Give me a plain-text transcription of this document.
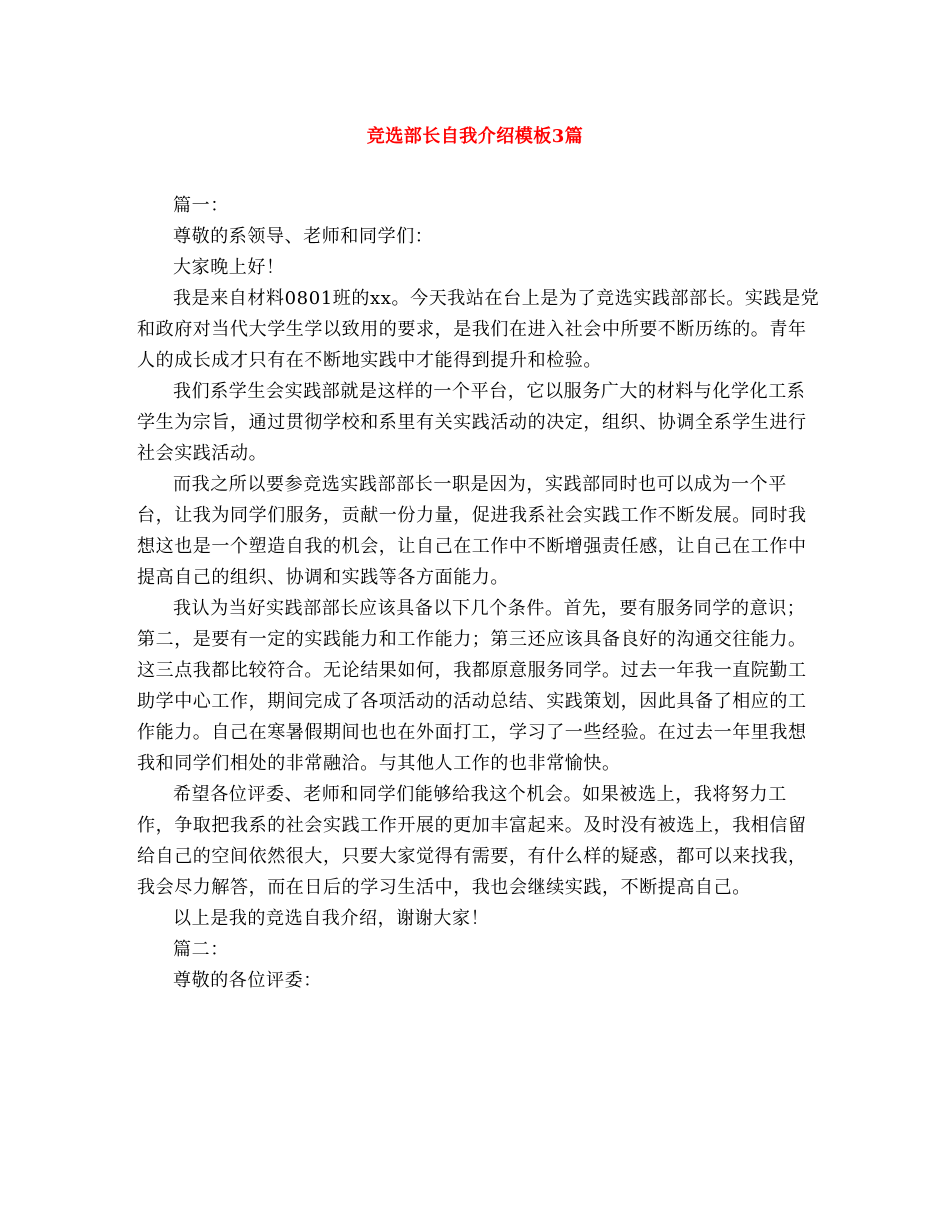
竞选部长自我介绍模板3篇

篇一：

尊敬的系领导、老师和同学们：

大家晚上好！

我是来自材料0801班的xx。今天我站在台上是为了竞选实践部部长。实践是党和政府对当代大学生学以致用的要求，是我们在进入社会中所要不断历练的。青年人的成长成才只有在不断地实践中才能得到提升和检验。

我们系学生会实践部就是这样的一个平台，它以服务广大的材料与化学化工系学生为宗旨，通过贯彻学校和系里有关实践活动的决定，组织、协调全系学生进行社会实践活动。

而我之所以要参竞选实践部部长一职是因为，实践部同时也可以成为一个平台，让我为同学们服务，贡献一份力量，促进我系社会实践工作不断发展。同时我想这也是一个塑造自我的机会，让自己在工作中不断增强责任感，让自己在工作中提高自己的组织、协调和实践等各方面能力。

我认为当好实践部部长应该具备以下几个条件。首先，要有服务同学的意识；第二，是要有一定的实践能力和工作能力；第三还应该具备良好的沟通交往能力。这三点我都比较符合。无论结果如何，我都原意服务同学。过去一年我一直院勤工助学中心工作，期间完成了各项活动的活动总结、实践策划，因此具备了相应的工作能力。自己在寒暑假期间也也在外面打工，学习了一些经验。在过去一年里我想我和同学们相处的非常融洽。与其他人工作的也非常愉快。

希望各位评委、老师和同学们能够给我这个机会。如果被选上，我将努力工作，争取把我系的社会实践工作开展的更加丰富起来。及时没有被选上，我相信留给自己的空间依然很大，只要大家觉得有需要，有什么样的疑惑，都可以来找我，我会尽力解答，而在日后的学习生活中，我也会继续实践，不断提高自己。

以上是我的竞选自我介绍，谢谢大家！

篇二：

尊敬的各位评委：
